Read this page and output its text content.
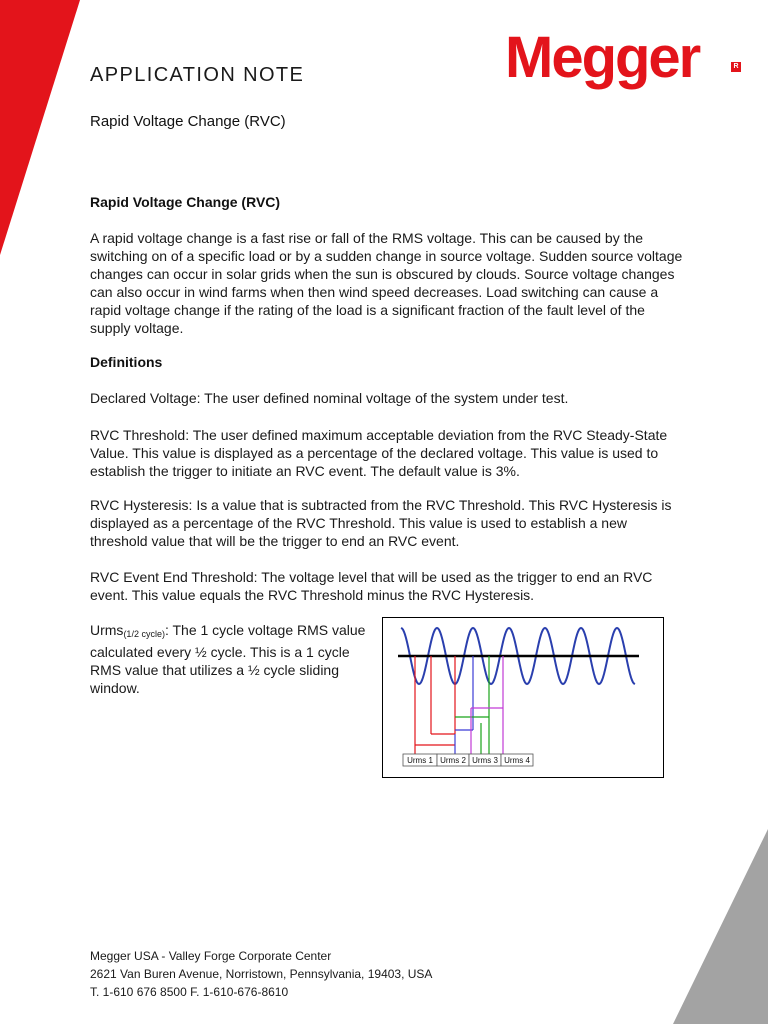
Megger	R
APPLICATION NOTE
Rapid Voltage Change (RVC)
Rapid Voltage Change (RVC)
A rapid voltage change is a fast rise or fall of the RMS voltage. This can be caused by the switching on of a specific load or by a sudden change in source voltage. Sudden source voltage changes can occur in solar grids when the sun is obscured by clouds. Source voltage changes can also occur in wind farms when then wind speed decreases. Load switching can cause a rapid voltage change if the rating of the load is a significant fraction of the fault level of the supply voltage.
Definitions
Declared Voltage: The user defined nominal voltage of the system under test.
RVC Threshold: The user defined maximum acceptable deviation from the RVC Steady-State Value. This value is displayed as a percentage of the declared voltage. This value is used to establish the trigger to initiate an RVC event. The default value is 3%.
RVC Hysteresis: Is a value that is subtracted from the RVC Threshold. This RVC Hysteresis is displayed as a percentage of the RVC Threshold. This value is used to establish a new threshold value that will be the trigger to end an RVC event.
RVC Event End Threshold: The voltage level that will be used as the trigger to end an RVC event. This value equals the RVC Threshold minus the RVC Hysteresis.
Urms$_{(1/2 cycle)}$: The 1 cycle voltage RMS value calculated every ½ cycle. This is a 1 cycle RMS value that utilizes a ½ cycle sliding window.
Urms 1 Urms 2 Urms 3 Urms 4
Megger USA - Valley Forge Corporate Center
2621 Van Buren Avenue, Norristown, Pennsylvania, 19403, USA
T. 1-610 676 8500 F. 1-610-676-8610
